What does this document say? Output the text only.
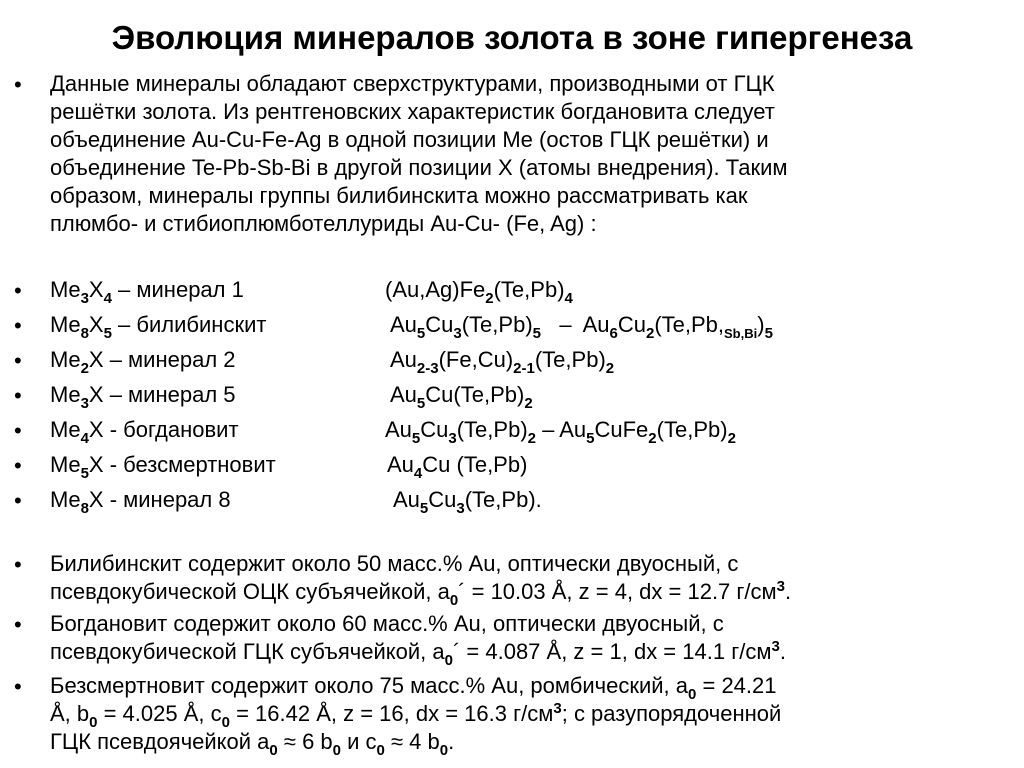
Эволюция минералов золота в зоне гипергенеза
• Данные минералы обладают сверхструктурами, производными от ГЦК
решётки золота. Из рентгеновских характеристик богдановита следует
объединение Au-Cu-Fe-Ag в одной позиции Me (остов ГЦК решётки) и
объединение Te-Pb-Sb-Bi в другой позиции X (атомы внедрения). Таким
образом, минералы группы билибинскита можно рассматривать как
плюмбо- и стибиоплюмботеллуриды Au-Cu- (Fe, Ag) :
• $Me_3X_4$ – минерал 1	$(Au,Ag)Fe_2(Te,Pb)_4$
• $Me_8X_5$ – билибинскит	$Au_5Cu_3(Te,Pb)_5 - Au_6Cu_2(Te,Pb,_{Sb,Bi})_5$
• $Me_2X$ – минерал 2	$Au_{2-3}(Fe,Cu)_{2-1}(Te,Pb)_2$
• $Me_3X$ – минерал 5	$Au_5Cu(Te,Pb)_2$
• $Me_4X$ - богдановит	$Au_5Cu_3(Te,Pb)_2$ – $Au_5CuFe_2(Te,Pb)_2$
• $Me_5X$ - безсмертновит	$Au_4Cu$ (Te,Pb)
• $Me_8X$ - минерал 8	$Au_5Cu_3(Te,Pb)$.
• Билибинскит содержит около 50 масс.% Au, оптически двуосный, с
псевдокубической ОЦК субъячейкой, $a_0´ = 10.03$ Å, z = 4, dx = 12.7 $г/см^3$.
• Богдановит содержит около 60 масс.% Au, оптически двуосный, с
псевдокубической ГЦК субъячейкой, $a_0´ = 4.087$ Å, z = 1, dx = 14.1 $г/см^3$.
• Безсмертновит содержит около 75 масс.% Au, ромбический, $a_0 = 24.21$
Å, $b_0 = 4.025$ Å, $c_0 = 16.42$ Å, z = 16, dx = 16.3 $г/см^3$; с разупорядоченной
ГЦК псевдоячейкой $a_0 \approx 6$ $b_0$ и $c_0 \approx 4$ $b_0$.
